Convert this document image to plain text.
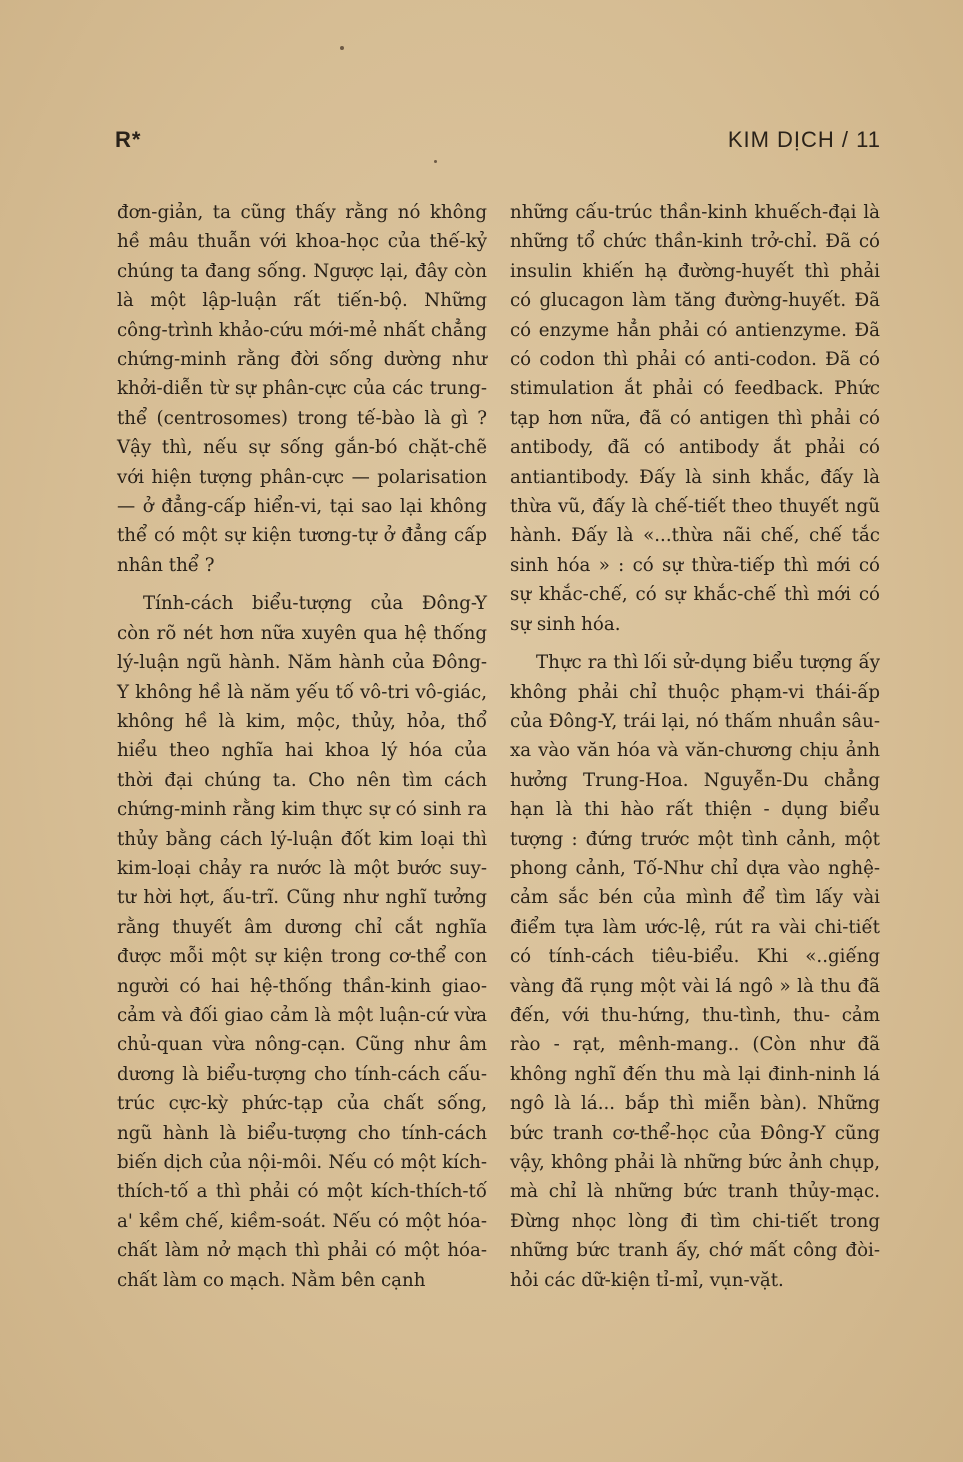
R*	KIM DỊCH / 11

đơn-giản, ta cũng thấy rằng nó không hề mâu thuẫn với khoa-học của thế-kỷ chúng ta đang sống. Ngược lại, đây còn là một lập-luận rất tiến-bộ. Những công-trình khảo-cứu mới-mẻ nhất chẳng chứng-minh rằng đời sống dường như khởi-diễn từ sự phân-cực của các trung-thể (centrosomes) trong tế-bào là gì ? Vậy thì, nếu sự sống gắn-bó chặt-chẽ với hiện tượng phân-cực — polarisation — ở đẳng-cấp hiển-vi, tại sao lại không thể có một sự kiện tương-tự ở đẳng cấp nhân thể ?

Tính-cách biểu-tượng của Đông-Y còn rõ nét hơn nữa xuyên qua hệ thống lý-luận ngũ hành. Năm hành của Đông-Y không hề là năm yếu tố vô-tri vô-giác, không hề là kim, mộc, thủy, hỏa, thổ hiểu theo nghĩa hai khoa lý hóa của thời đại chúng ta. Cho nên tìm cách chứng-minh rằng kim thực sự có sinh ra thủy bằng cách lý-luận đốt kim loại thì kim-loại chảy ra nước là một bước suy-tư hời hợt, ấu-trĩ. Cũng như nghĩ tưởng rằng thuyết âm dương chỉ cắt nghĩa được mỗi một sự kiện trong cơ-thể con người có hai hệ-thống thần-kinh giao-cảm và đối giao cảm là một luận-cứ vừa chủ-quan vừa nông-cạn. Cũng như âm dương là biểu-tượng cho tính-cách cấu-trúc cực-kỳ phức-tạp của chất sống, ngũ hành là biểu-tượng cho tính-cách biến dịch của nội-môi. Nếu có một kích-thích-tố a thì phải có một kích-thích-tố a' kềm chế, kiềm-soát. Nếu có một hóa-chất làm nở mạch thì phải có một hóa-chất làm co mạch. Nằm bên cạnh

những cấu-trúc thần-kinh khuếch-đại là những tổ chức thần-kinh trở-chỉ. Đã có insulin khiến hạ đường-huyết thì phải có glucagon làm tăng đường-huyết. Đã có enzyme hẳn phải có antienzyme. Đã có codon thì phải có anti-codon. Đã có stimulation ắt phải có feedback. Phức tạp hơn nữa, đã có antigen thì phải có antibody, đã có antibody ắt phải có antiantibody. Đấy là sinh khắc, đấy là thừa vũ, đấy là chế-tiết theo thuyết ngũ hành. Đấy là «...thừa nãi chế, chế tắc sinh hóa » : có sự thừa-tiếp thì mới có sự khắc-chế, có sự khắc-chế thì mới có sự sinh hóa.

Thực ra thì lối sử-dụng biểu tượng ấy không phải chỉ thuộc phạm-vi thái-ấp của Đông-Y, trái lại, nó thấm nhuần sâu-xa vào văn hóa và văn-chương chịu ảnh hưởng Trung-Hoa. Nguyễn-Du chẳng hạn là thi hào rất thiện - dụng biểu tượng : đứng trước một tình cảnh, một phong cảnh, Tố-Như chỉ dựa vào nghệ-cảm sắc bén của mình để tìm lấy vài điểm tựa làm ước-lệ, rút ra vài chi-tiết có tính-cách tiêu-biểu. Khi «..giếng vàng đã rụng một vài lá ngô » là thu đã đến, với thu-hứng, thu-tình, thu- cảm rào - rạt, mênh-mang.. (Còn như đã không nghĩ đến thu mà lại đinh-ninh lá ngô là lá... bắp thì miễn bàn). Những bức tranh cơ-thể-học của Đông-Y cũng vậy, không phải là những bức ảnh chụp, mà chỉ là những bức tranh thủy-mạc. Đừng nhọc lòng đi tìm chi-tiết trong những bức tranh ấy, chớ mất công đòi-hỏi các dữ-kiện tỉ-mỉ, vụn-vặt.
